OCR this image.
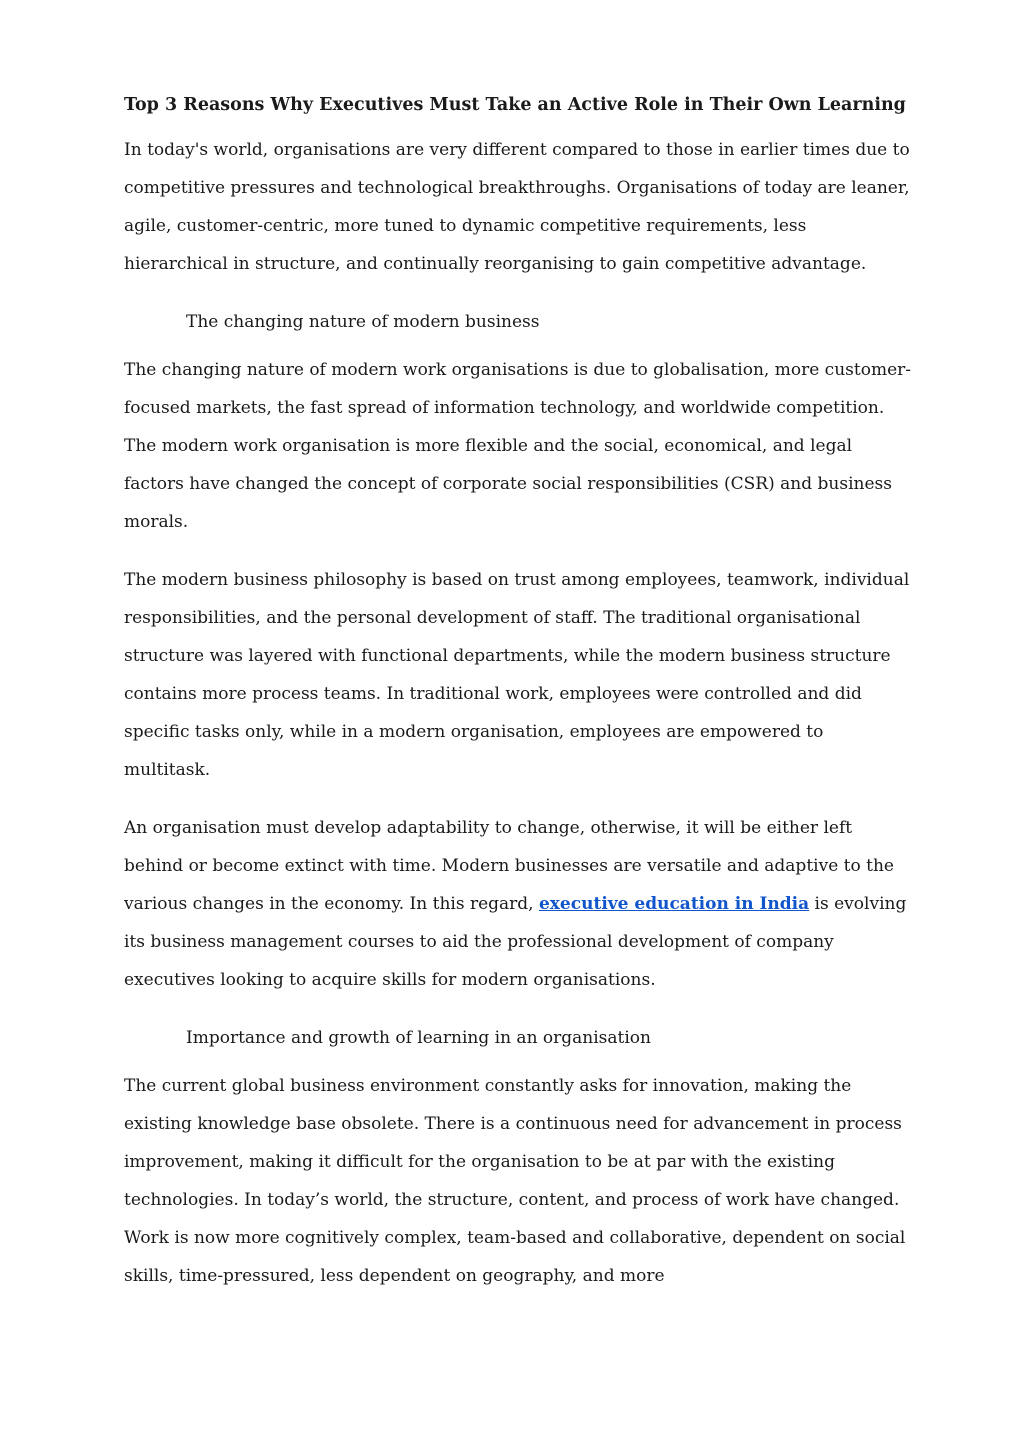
Top 3 Reasons Why Executives Must Take an Active Role in Their Own Learning

In today's world, organisations are very different compared to those in earlier times due to competitive pressures and technological breakthroughs. Organisations of today are leaner, agile, customer-centric, more tuned to dynamic competitive requirements, less hierarchical in structure, and continually reorganising to gain competitive advantage.

The changing nature of modern business

The changing nature of modern work organisations is due to globalisation, more customer-focused markets, the fast spread of information technology, and worldwide competition. The modern work organisation is more flexible and the social, economical, and legal factors have changed the concept of corporate social responsibilities (CSR) and business morals.

The modern business philosophy is based on trust among employees, teamwork, individual responsibilities, and the personal development of staff. The traditional organisational structure was layered with functional departments, while the modern business structure contains more process teams. In traditional work, employees were controlled and did specific tasks only, while in a modern organisation, employees are empowered to multitask.

An organisation must develop adaptability to change, otherwise, it will be either left behind or become extinct with time. Modern businesses are versatile and adaptive to the various changes in the economy. In this regard, executive education in India is evolving its business management courses to aid the professional development of company executives looking to acquire skills for modern organisations.

Importance and growth of learning in an organisation

The current global business environment constantly asks for innovation, making the existing knowledge base obsolete. There is a continuous need for advancement in process improvement, making it difficult for the organisation to be at par with the existing technologies. In today’s world, the structure, content, and process of work have changed. Work is now more cognitively complex, team-based and collaborative, dependent on social skills, time-pressured, less dependent on geography, and more
